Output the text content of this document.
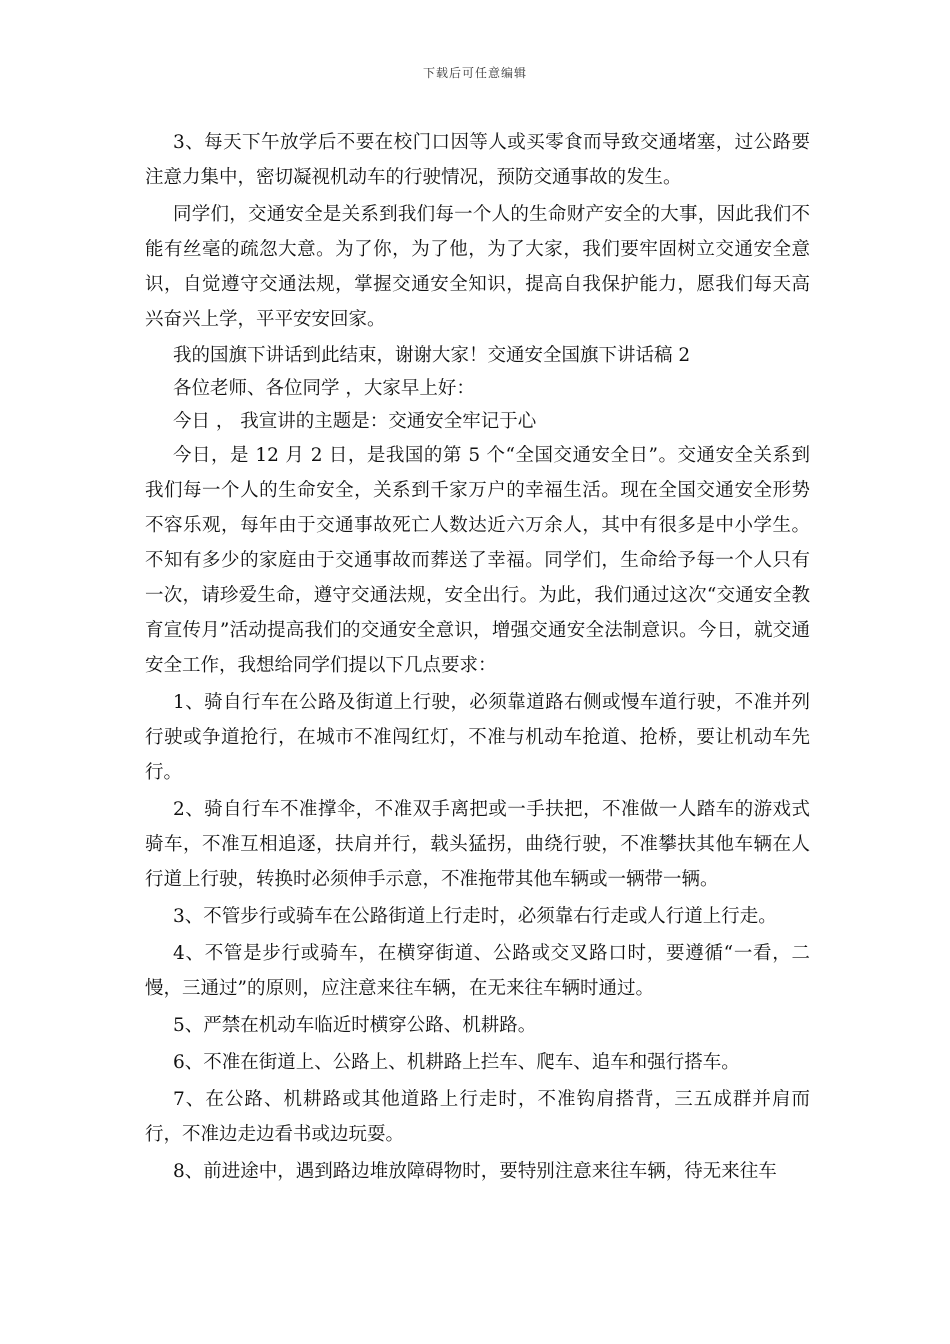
下载后可任意编辑

3、每天下午放学后不要在校门口因等人或买零食而导致交通堵塞，过公路要注意力集中，密切凝视机动车的行驶情况，预防交通事故的发生。

同学们，交通安全是关系到我们每一个人的生命财产安全的大事，因此我们不能有丝毫的疏忽大意。为了你，为了他，为了大家，我们要牢固树立交通安全意识，自觉遵守交通法规，掌握交通安全知识，提高自我保护能力，愿我们每天高兴奋兴上学，平平安安回家。

我的国旗下讲话到此结束，谢谢大家！交通安全国旗下讲话稿 2

各位老师、各位同学 ，大家早上好：

今日 ， 我宣讲的主题是：交通安全牢记于心

今日，是 12 月 2 日，是我国的第 5 个“全国交通安全日”。交通安全关系到我们每一个人的生命安全，关系到千家万户的幸福生活。现在全国交通安全形势不容乐观，每年由于交通事故死亡人数达近六万余人，其中有很多是中小学生。不知有多少的家庭由于交通事故而葬送了幸福。同学们，生命给予每一个人只有一次，请珍爱生命，遵守交通法规，安全出行。为此，我们通过这次“交通安全教育宣传月”活动提高我们的交通安全意识，增强交通安全法制意识。今日，就交通安全工作，我想给同学们提以下几点要求：

1、骑自行车在公路及街道上行驶，必须靠道路右侧或慢车道行驶，不准并列行驶或争道抢行，在城市不准闯红灯，不准与机动车抢道、抢桥，要让机动车先行。

2、骑自行车不准撑伞，不准双手离把或一手扶把，不准做一人踏车的游戏式骑车，不准互相追逐，扶肩并行，载头猛拐，曲绕行驶，不准攀扶其他车辆在人行道上行驶，转换时必须伸手示意，不准拖带其他车辆或一辆带一辆。

3、不管步行或骑车在公路街道上行走时，必须靠右行走或人行道上行走。

4、不管是步行或骑车，在横穿街道、公路或交叉路口时，要遵循“一看，二慢，三通过”的原则，应注意来往车辆，在无来往车辆时通过。

5、严禁在机动车临近时横穿公路、机耕路。

6、不准在街道上、公路上、机耕路上拦车、爬车、追车和强行搭车。

7、在公路、机耕路或其他道路上行走时，不准钩肩搭背，三五成群并肩而行，不准边走边看书或边玩耍。

8、前进途中，遇到路边堆放障碍物时，要特别注意来往车辆，待无来往车
